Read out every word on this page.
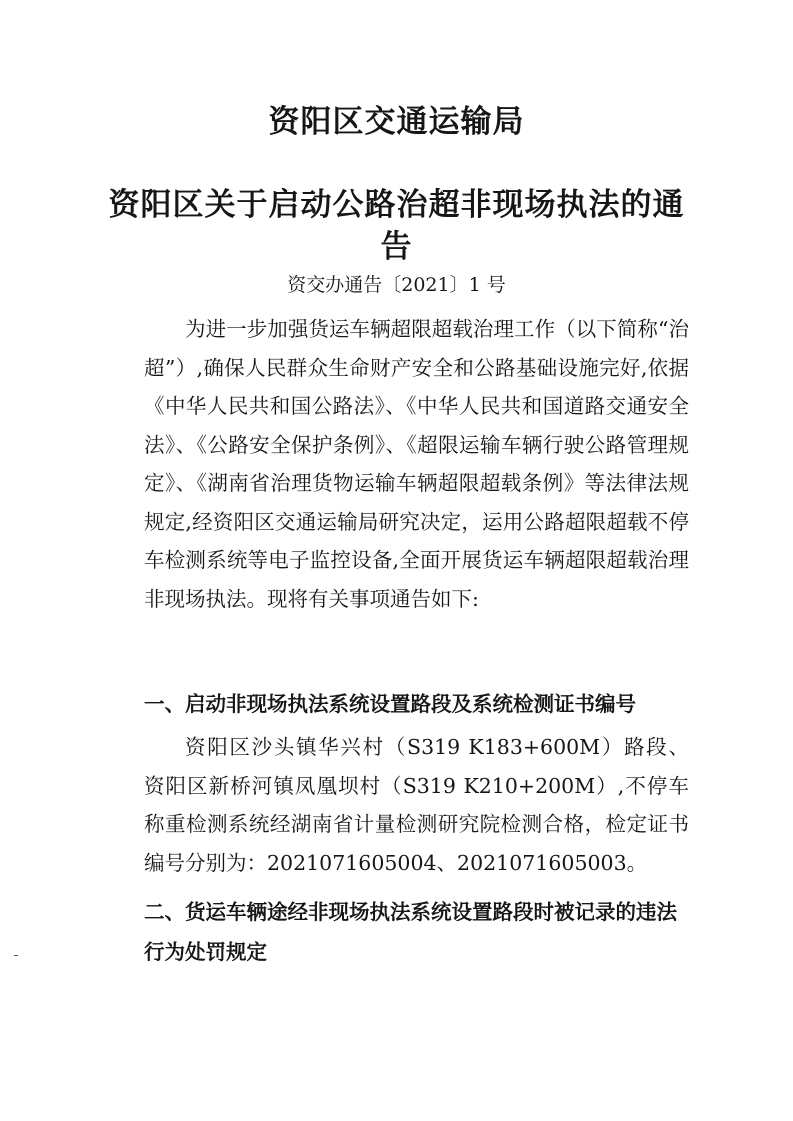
资阳区交通运输局
资阳区关于启动公路治超非现场执法的通告
资交办通告〔2021〕1 号
为进一步加强货运车辆超限超载治理工作（以下简称“治 超”）,确保人民群众生命财产安全和公路基础设施完好,依据《中华人民共和国公路法》、《中华人民共和国道路交通安全法》、《公路安全保护条例》、《超限运输车辆行驶公路管理规定》、《湖南省治理货物运输车辆超限超载条例》等法律法规规定,经资阳区交通运输局研究决定，运用公路超限超载不停车检测系统等电子监控设备,全面开展货运车辆超限超载治理非现场执法。现将有关事项通告如下:
一、启动非现场执法系统设置路段及系统检测证书编号
资阳区沙头镇华兴村（S319 K183+600M）路段、 资阳区新桥河镇凤凰坝村（S319 K210+200M）,不停车称重检测系统经湖南省计量检测研究院检测合格，检定证书编号分别为：2021071605004、2021071605003。
二、货运车辆途经非现场执法系统设置路段时被记录的违法行为处罚规定
